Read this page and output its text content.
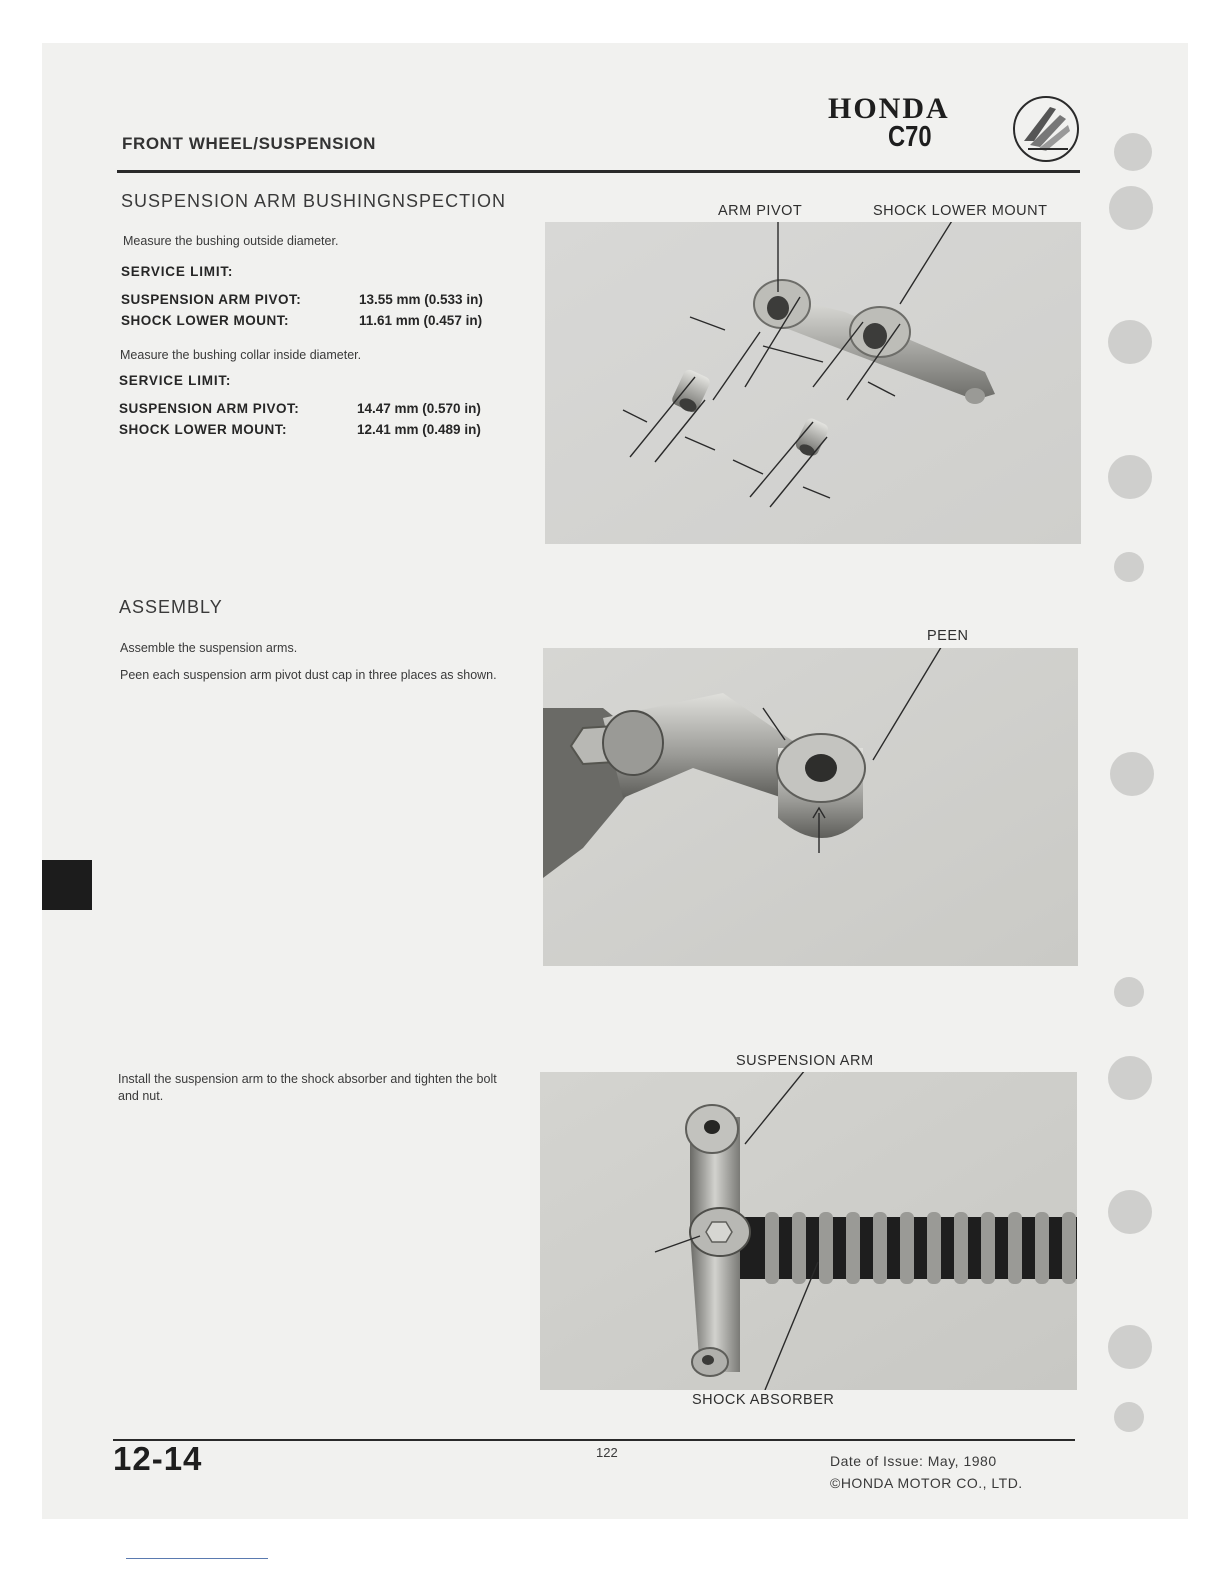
FRONT WHEEL/SUSPENSION
HONDA
C70
SUSPENSION ARM BUSHINGNSPECTION
Measure the bushing outside diameter.
SERVICE LIMIT:
SUSPENSION ARM PIVOT:	13.55 mm (0.533 in)
SHOCK LOWER MOUNT:	11.61 mm (0.457 in)
Measure the bushing collar inside diameter.
SERVICE LIMIT:
SUSPENSION ARM PIVOT:	14.47 mm (0.570 in)
SHOCK LOWER MOUNT:	12.41 mm (0.489 in)
ARM PIVOT	SHOCK LOWER MOUNT
ASSEMBLY
Assemble the suspension arms.
Peen each suspension arm pivot dust cap in three places as shown.
PEEN
Install the suspension arm to the shock absorber and tighten the bolt and nut.
SUSPENSION ARM
SHOCK ABSORBER
12-14	122
Date of Issue: May, 1980
©HONDA MOTOR CO., LTD.
